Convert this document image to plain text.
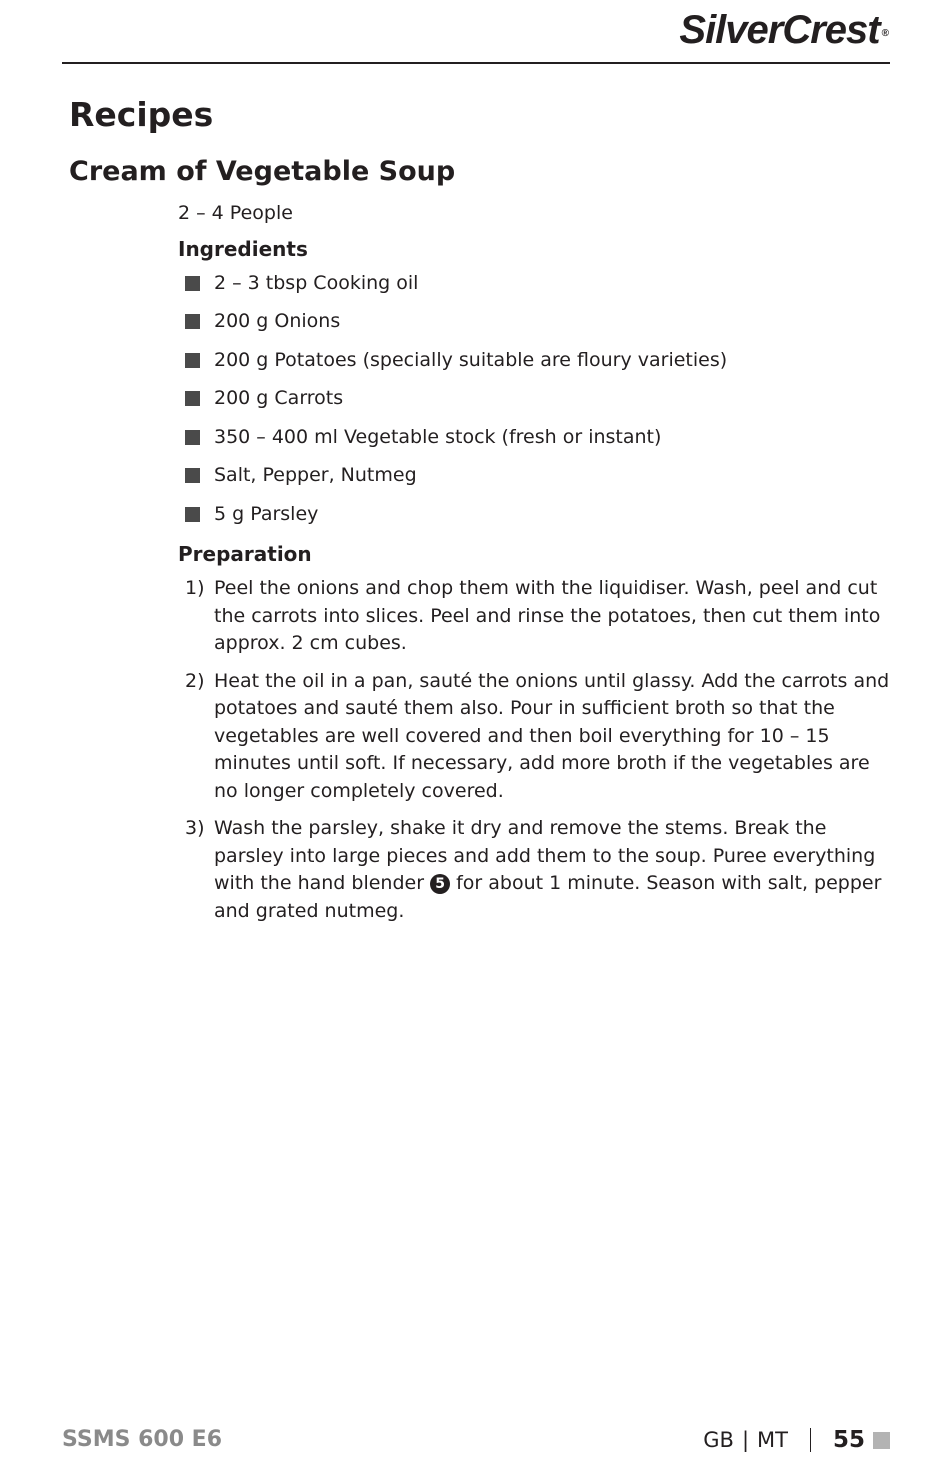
SilverCrest ®
Recipes
Cream of Vegetable Soup

2 – 4 People

Ingredients
2 – 3 tbsp Cooking oil
200 g Onions
200 g Potatoes (specially suitable are floury varieties)
200 g Carrots
350 – 400 ml Vegetable stock (fresh or instant)
Salt, Pepper, Nutmeg
5 g Parsley
Preparation
1) Peel the onions and chop them with the liquidiser. Wash, peel and cut the carrots into slices. Peel and rinse the potatoes, then cut them into approx. 2 cm cubes.
2) Heat the oil in a pan, sauté the onions until glassy. Add the carrots and potatoes and sauté them also. Pour in sufficient broth so that the vegetables are well covered and then boil everything for 10 – 15 minutes until soft. If necessary, add more broth if the vegetables are no longer completely covered.
3) Wash the parsley, shake it dry and remove the stems. Break the parsley into large pieces and add them to the soup. Puree everything with the hand blender 5 for about 1 minute. Season with salt, pepper and grated nutmeg.
SSMS 600 E6	GB | MT 55
